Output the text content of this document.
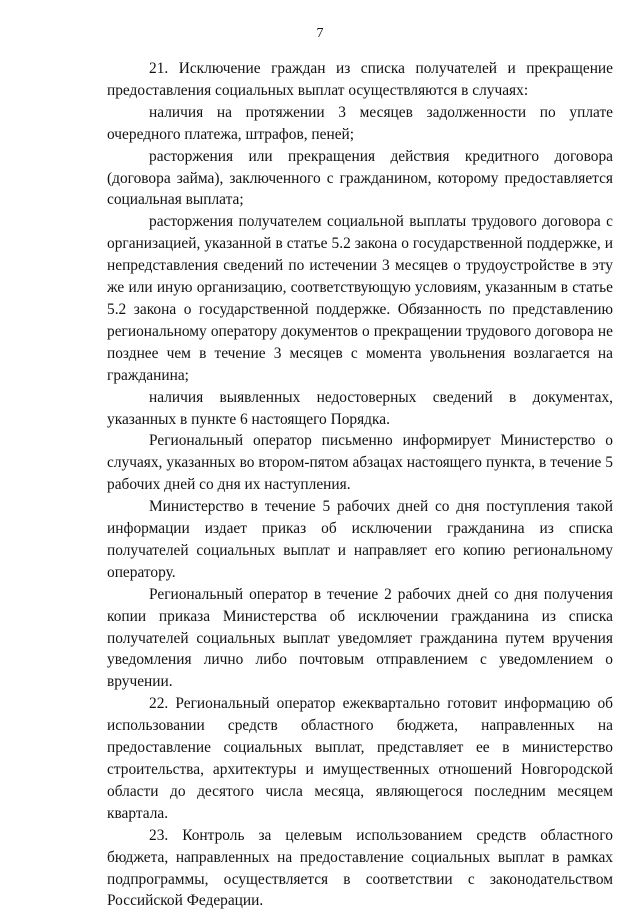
7

21. Исключение граждан из списка получателей и прекращение предоставления социальных выплат осуществляются в случаях:

наличия на протяжении 3 месяцев задолженности по уплате очередного платежа, штрафов, пеней;

расторжения или прекращения действия кредитного договора (договора займа), заключенного с гражданином, которому предоставляется социальная выплата;

расторжения получателем социальной выплаты трудового договора с организацией, указанной в статье 5.2 закона о государственной поддержке, и непредставления сведений по истечении 3 месяцев о трудоустройстве в эту же или иную организацию, соответствующую условиям, указанным в статье 5.2 закона о государственной поддержке. Обязанность по представлению региональному оператору документов о прекращении трудового договора не позднее чем в течение 3 месяцев с момента увольнения возлагается на гражданина;

наличия выявленных недостоверных сведений в документах, указанных в пункте 6 настоящего Порядка.

Региональный оператор письменно информирует Министерство о случаях, указанных во втором-пятом абзацах настоящего пункта, в течение 5 рабочих дней со дня их наступления.

Министерство в течение 5 рабочих дней со дня поступления такой информации издает приказ об исключении гражданина из списка получателей социальных выплат и направляет его копию региональному оператору.

Региональный оператор в течение 2 рабочих дней со дня получения копии приказа Министерства об исключении гражданина из списка получателей социальных выплат уведомляет гражданина путем вручения уведомления лично либо почтовым отправлением с уведомлением о вручении.

22. Региональный оператор ежеквартально готовит информацию об использовании средств областного бюджета, направленных на предоставление социальных выплат, представляет ее в министерство строительства, архитектуры и имущественных отношений Новгородской области до десятого числа месяца, являющегося последним месяцем квартала.

23. Контроль за целевым использованием средств областного бюджета, направленных на предоставление социальных выплат в рамках подпрограммы, осуществляется в соответствии с законодательством Российской Федерации.
